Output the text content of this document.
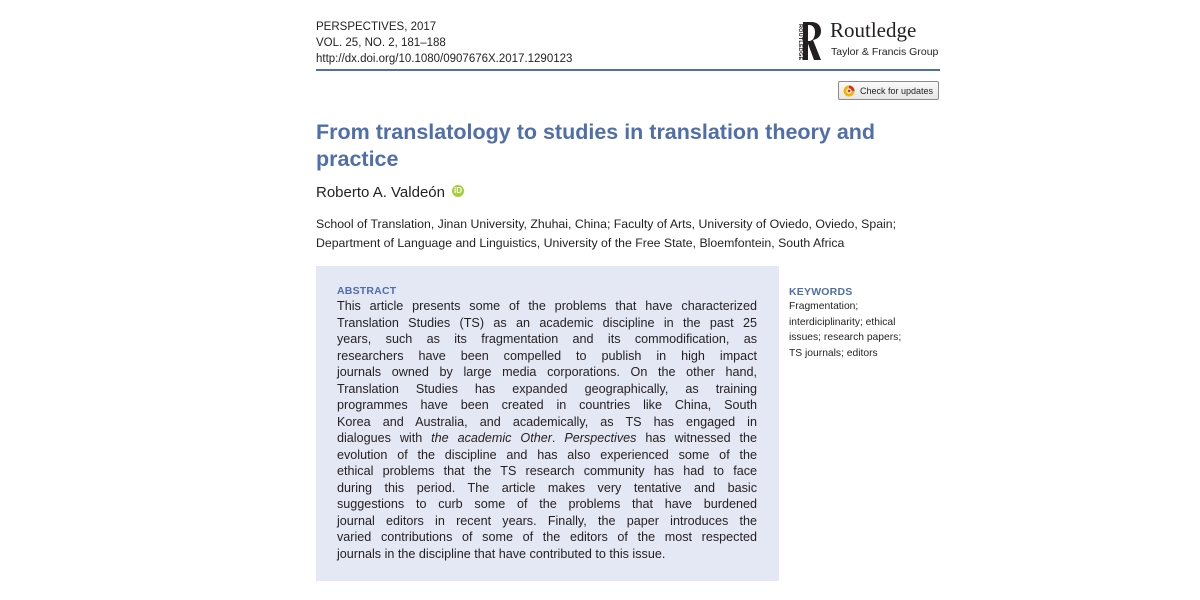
PERSPECTIVES, 2017
VOL. 25, NO. 2, 181–188
http://dx.doi.org/10.1080/0907676X.2017.1290123	ROUTLEDGE Routledge
Taylor & Francis Group
Check for updates
From translatology to studies in translation theory and
practice
Roberto A. Valdeón iD
School of Translation, Jinan University, Zhuhai, China; Faculty of Arts, University of Oviedo, Oviedo, Spain;
Department of Language and Linguistics, University of the Free State, Bloemfontein, South Africa
ABSTRACT
This article presents some of the problems that have characterized
Translation Studies (TS) as an academic discipline in the past 25
years, such as its fragmentation and its commodification, as
researchers have been compelled to publish in high impact
journals owned by large media corporations. On the other hand,
Translation Studies has expanded geographically, as training
programmes have been created in countries like China, South
Korea and Australia, and academically, as TS has engaged in
dialogues with the academic Other. Perspectives has witnessed the
evolution of the discipline and has also experienced some of the
ethical problems that the TS research community has had to face
during this period. The article makes very tentative and basic
suggestions to curb some of the problems that have burdened
journal editors in recent years. Finally, the paper introduces the
varied contributions of some of the editors of the most respected
journals in the discipline that have contributed to this issue.
KEYWORDS
Fragmentation;
interdiciplinarity; ethical
issues; research papers;
TS journals; editors
